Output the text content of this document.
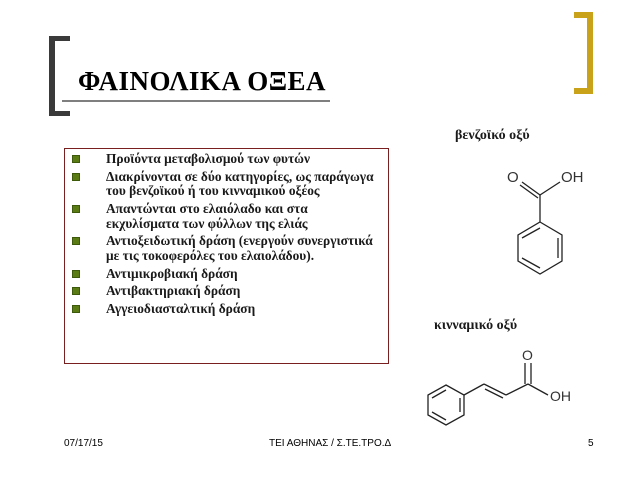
ΦΑΙΝΟΛΙΚΑ ΟΞΕΑ
Προϊόντα μεταβολισμού των φυτών
Διακρίνονται σε δύο κατηγορίες, ως παράγωγα του βενζοϊκού ή του κινναμικού οξέος
Απαντώνται στο ελαιόλαδο και στα εκχυλίσματα των φύλλων της ελιάς
Αντιοξειδωτική δράση (ενεργούν συνεργιστικά με τις τοκοφερόλες του ελαιολάδου).
Αντιμικροβιακή δράση
Αντιβακτηριακή δράση
Αγγειοδιασταλτική δράση
βενζοϊκό οξύ
O	OH
κινναμικό οξύ
O
OH
07/17/15	ΤΕΙ ΑΘΗΝΑΣ / Σ.ΤΕ.ΤΡΟ.Δ	5
